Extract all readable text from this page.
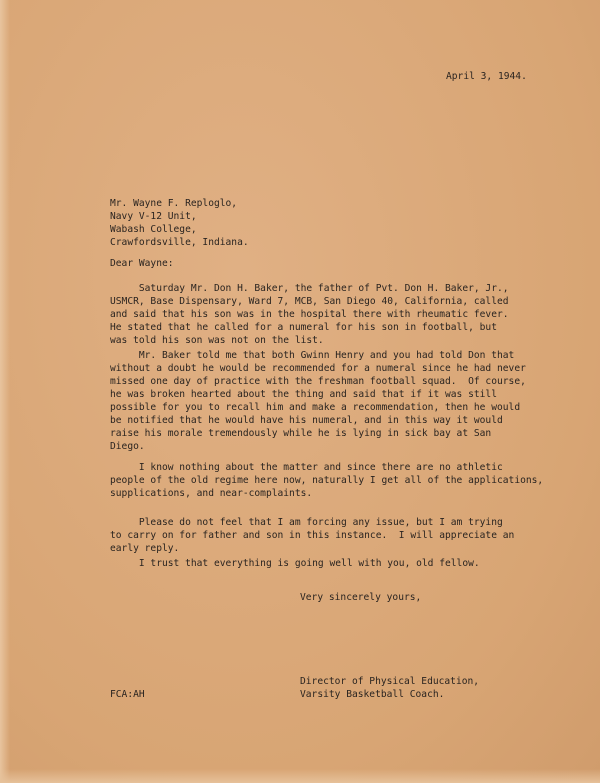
April 3, 1944.
Mr. Wayne F. Reploglo,
Navy V-12 Unit,
Wabash College,
Crawfordsville, Indiana.
Dear Wayne:
Saturday Mr. Don H. Baker, the father of Pvt. Don H. Baker, Jr.,
USMCR, Base Dispensary, Ward 7, MCB, San Diego 40, California, called
and said that his son was in the hospital there with rheumatic fever.
He stated that he called for a numeral for his son in football, but
was told his son was not on the list.
Mr. Baker told me that both Gwinn Henry and you had told Don that
without a doubt he would be recommended for a numeral since he had never
missed one day of practice with the freshman football squad.  Of course,
he was broken hearted about the thing and said that if it was still
possible for you to recall him and make a recommendation, then he would
be notified that he would have his numeral, and in this way it would
raise his morale tremendously while he is lying in sick bay at San
Diego.
I know nothing about the matter and since there are no athletic
people of the old regime here now, naturally I get all of the applications,
supplications, and near-complaints.
Please do not feel that I am forcing any issue, but I am trying
to carry on for father and son in this instance.  I will appreciate an
early reply.
I trust that everything is going well with you, old fellow.
Very sincerely yours,
Director of Physical Education,
Varsity Basketball Coach.
FCA:AH
